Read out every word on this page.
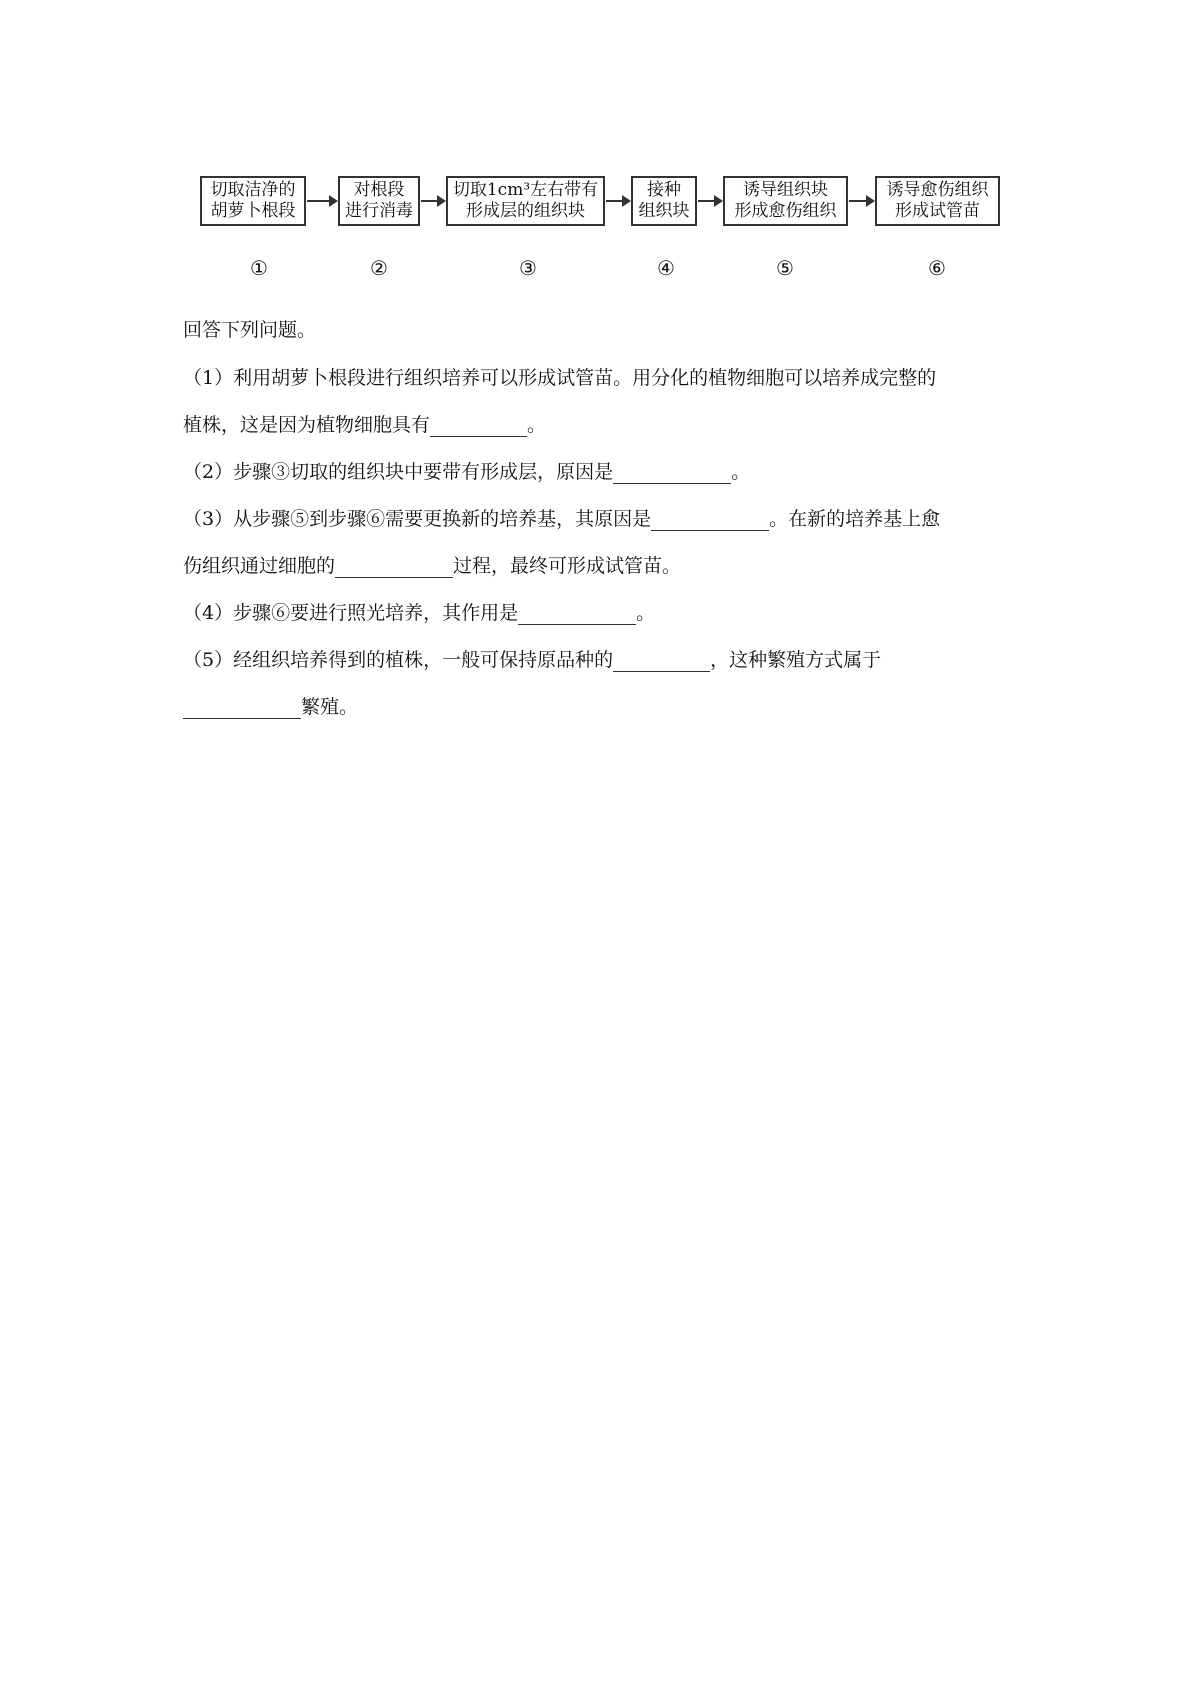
切取洁净的
胡萝卜根段
对根段
进行消毒
切取1cm³左右带有
形成层的组织块
接种
组织块
诱导组织块
形成愈伤组织
诱导愈伤组织
形成试管苗
①	②	③	④	⑤	⑥
回答下列问题。
（1）利用胡萝卜根段进行组织培养可以形成试管苗。用分化的植物细胞可以培养成完整的
植株，这是因为植物细胞具有	。
（2）步骤③切取的组织块中要带有形成层，原因是	。
（3）从步骤⑤到步骤⑥需要更换新的培养基，其原因是	。在新的培养基上愈
伤组织通过细胞的	过程，最终可形成试管苗。
（4）步骤⑥要进行照光培养，其作用是	。
（5）经组织培养得到的植株，一般可保持原品种的	，这种繁殖方式属于
繁殖。
